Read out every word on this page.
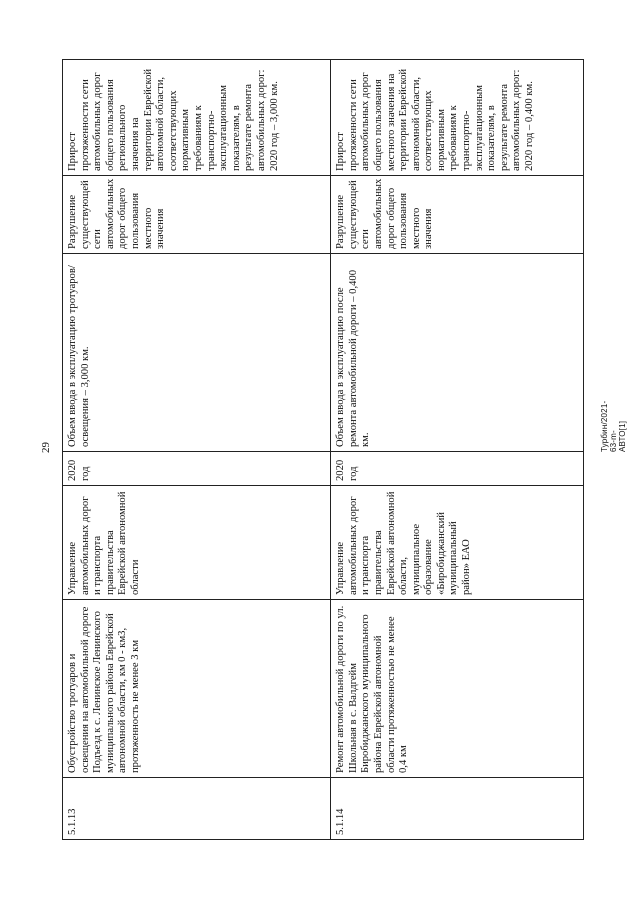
29	Турбин/2021-63-m-АВТО[1]
5.1.13	Обустройство тротуаров и освещения на автомобильной дороге Подъезд к с. Ленинское Ленинского муниципального района Еврейской автономной области, км 0 - км3, протяженность не менее 3 км	Управление автомобильных дорог и транспорта правительства Еврейской автономной области	2020 год	Объем ввода в эксплуатацию тротуаров/освещения – 3,000 км.	Разрушение существующей сети автомобильных дорог общего пользования местного значения	Прирост протяженности сети автомобильных дорог общего пользования регионального значения на территории Еврейской автономной области, соответствующих нормативным требованиям к транспортно-эксплуатационным показателям, в результате ремонта автомобильных дорог: 2020 год – 3,000 км.
5.1.14	Ремонт автомобильной дороги по ул. Школьная в с. Валдгейм Биробиджанского муниципального района Еврейской автономной области протяженностью не менее 0,4 км	Управление автомобильных дорог и транспорта правительства Еврейской автономной области, муниципальное образование «Биробиджанский муниципальный район» ЕАО	2020 год	Объем ввода в эксплуатацию после ремонта автомобильной дороги – 0,400 км.	Разрушение существующей сети автомобильных дорог общего пользования местного значения	Прирост протяженности сети автомобильных дорог общего пользования местного значения на территории Еврейской автономной области, соответствующих нормативным требованиям к транспортно-эксплуатационным показателям, в результате ремонта автомобильных дорог: 2020 год – 0,400 км.
